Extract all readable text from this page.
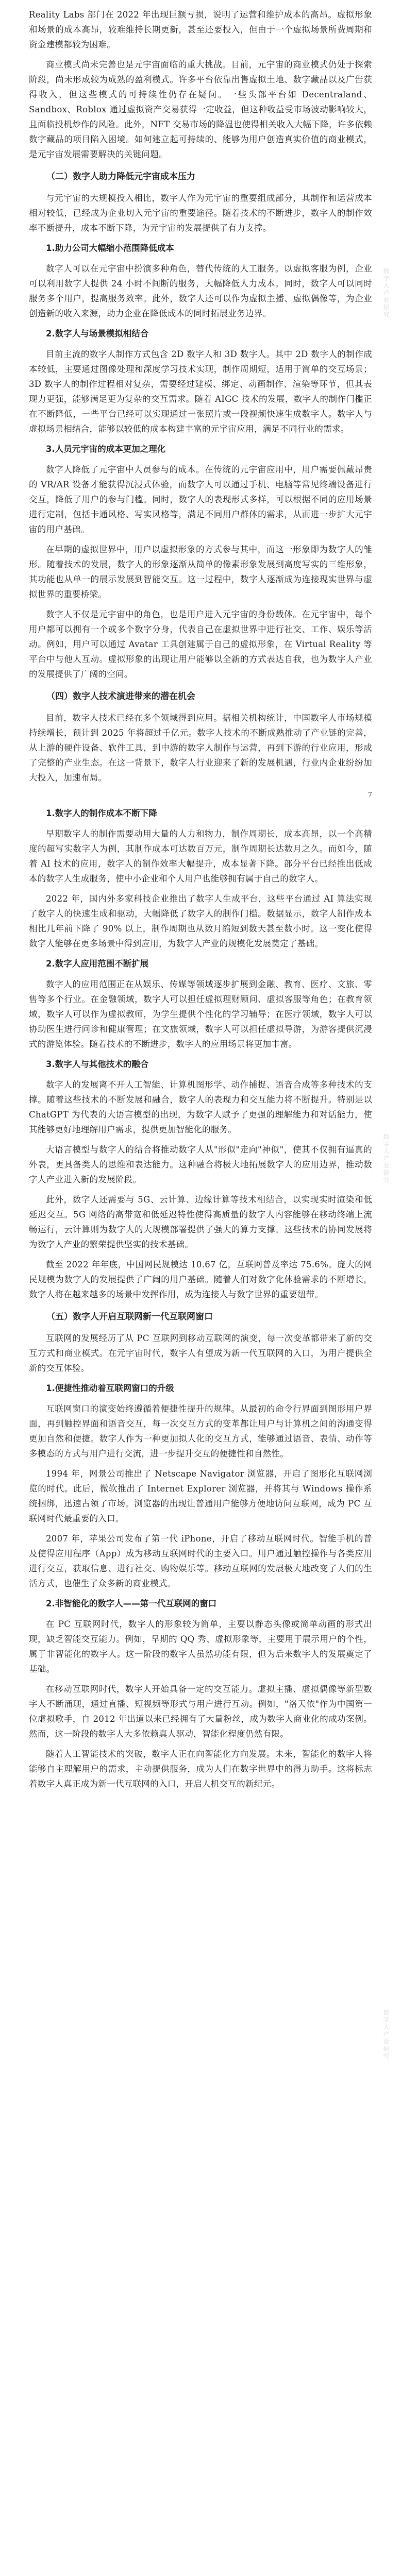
Reality Labs 部门在 2022 年出现巨额亏损，说明了运营和维护成本的高昂。虚拟形象和场景的成本高昂，较难维持长期更新，甚至还要投入，但由于一个虚拟场景所费周期和资金建模都较为困难。

商业模式尚未完善也是元宇宙面临的重大挑战。目前，元宇宙的商业模式仍处于探索阶段，尚未形成较为成熟的盈利模式。许多平台依靠出售虚拟土地、数字藏品以及广告获得收入，但这些模式的可持续性仍存在疑问。一些头部平台如 Decentraland、Sandbox、Roblox 通过虚拟资产交易获得一定收益，但这种收益受市场波动影响较大，且面临投机炒作的风险。此外，NFT 交易市场的降温也使得相关收入大幅下降，许多依赖数字藏品的项目陷入困境。如何建立起可持续的、能够为用户创造真实价值的商业模式，是元宇宙发展需要解决的关键问题。

（二）数字人助力降低元宇宙成本压力

与元宇宙的大规模投入相比，数字人作为元宇宙的重要组成部分，其制作和运营成本相对较低，已经成为企业切入元宇宙的重要途径。随着技术的不断进步，数字人的制作效率不断提升，成本不断下降，为元宇宙的发展提供了有力支撑。

1.助力公司大幅缩小范围降低成本

数字人可以在元宇宙中扮演多种角色，替代传统的人工服务。以虚拟客服为例，企业可以利用数字人提供 24 小时不间断的服务，大幅降低人力成本。同时，数字人可以同时服务多个用户，提高服务效率。此外，数字人还可以作为虚拟主播、虚拟偶像等，为企业创造新的收入来源，助力企业在降低成本的同时拓展业务边界。

2.数字人与场景模拟相结合

目前主流的数字人制作方式包含 2D 数字人和 3D 数字人。其中 2D 数字人的制作成本较低，主要通过图像处理和深度学习技术实现，制作周期短，适用于简单的交互场景；3D 数字人的制作过程相对复杂，需要经过建模、绑定、动画制作、渲染等环节，但其表现力更强，能够满足更为复杂的交互需求。随着 AIGC 技术的发展，数字人的制作门槛正在不断降低，一些平台已经可以实现通过一张照片或一段视频快速生成数字人。数字人与虚拟场景相结合，能够以较低的成本构建丰富的元宇宙应用，满足不同行业的需求。

3.人员元宇宙的成本更加之理化

数字人降低了元宇宙中人员参与的成本。在传统的元宇宙应用中，用户需要佩戴昂贵的 VR/AR 设备才能获得沉浸式体验，而数字人可以通过手机、电脑等常见终端设备进行交互，降低了用户的参与门槛。同时，数字人的表现形式多样，可以根据不同的应用场景进行定制，包括卡通风格、写实风格等，满足不同用户群体的需求，从而进一步扩大元宇宙的用户基础。

在早期的虚拟世界中，用户以虚拟形象的方式参与其中，而这一形象即为数字人的雏形。随着技术的发展，数字人的形象逐渐从简单的像素形象发展到高度写实的三维形象，其功能也从单一的展示发展到智能交互。这一过程中，数字人逐渐成为连接现实世界与虚拟世界的重要桥梁。

数字人不仅是元宇宙中的角色，也是用户进入元宇宙的身份载体。在元宇宙中，每个用户都可以拥有一个或多个数字分身，代表自己在虚拟世界中进行社交、工作、娱乐等活动。例如，用户可以通过 Avatar 工具创建属于自己的虚拟形象，在 Virtual Reality 等平台中与他人互动。虚拟形象的出现让用户能够以全新的方式表达自我，也为数字人产业的发展提供了广阔的空间。

（四）数字人技术演进带来的潜在机会

目前，数字人技术已经在多个领域得到应用。据相关机构统计，中国数字人市场规模持续增长，预计到 2025 年将超过千亿元。数字人技术的不断成熟推动了产业链的完善，从上游的硬件设备、软件工具，到中游的数字人制作与运营，再到下游的行业应用，形成了完整的产业生态。在这一背景下，数字人行业迎来了新的发展机遇，行业内企业纷纷加大投入，加速布局。

7

1.数字人的制作成本不断下降

早期数字人的制作需要动用大量的人力和物力，制作周期长，成本高昂，以一个高精度的超写实数字人为例，其制作成本可达数百万元，制作周期长达数月之久。而如今，随着 AI 技术的应用，数字人的制作效率大幅提升，成本显著下降。部分平台已经推出低成本的数字人生成服务，使中小企业和个人用户也能够拥有属于自己的数字人。

2022 年，国内外多家科技企业推出了数字人生成平台，这些平台通过 AI 算法实现了数字人的快速生成和驱动，大幅降低了数字人的制作门槛。数据显示，数字人制作成本相比几年前下降了 90% 以上，制作周期也从数月缩短到数天甚至数小时。这一变化使得数字人能够在更多场景中得到应用，为数字人产业的规模化发展奠定了基础。

2.数字人应用范围不断扩展

数字人的应用范围正在从娱乐、传媒等领域逐步扩展到金融、教育、医疗、文旅、零售等多个行业。在金融领域，数字人可以担任虚拟理财顾问、虚拟客服等角色；在教育领域，数字人可以作为虚拟教师，为学生提供个性化的学习辅导；在医疗领域，数字人可以协助医生进行问诊和健康管理；在文旅领域，数字人可以担任虚拟导游，为游客提供沉浸式的游览体验。随着技术的不断进步，数字人的应用场景将更加丰富。

3.数字人与其他技术的融合

数字人的发展离不开人工智能、计算机图形学、动作捕捉、语音合成等多种技术的支撑。随着这些技术的不断发展和融合，数字人的表现力和交互能力将不断提升。特别是以 ChatGPT 为代表的大语言模型的出现，为数字人赋予了更强的理解能力和对话能力，使其能够更好地理解用户需求，提供更加智能化的服务。

大语言模型与数字人的结合将推动数字人从"形似"走向"神似"，使其不仅拥有逼真的外表，更具备类人的思维和表达能力。这种融合将极大地拓展数字人的应用边界，推动数字人产业进入新的发展阶段。

此外，数字人还需要与 5G、云计算、边缘计算等技术相结合，以实现实时渲染和低延迟交互。5G 网络的高带宽和低延迟特性使得高质量的数字人内容能够在移动终端上流畅运行，云计算则为数字人的大规模部署提供了强大的算力支撑。这些技术的协同发展将为数字人产业的繁荣提供坚实的技术基础。

截至 2022 年年底，中国网民规模达 10.67 亿，互联网普及率达 75.6%。庞大的网民规模为数字人的发展提供了广阔的用户基础。随着人们对数字化体验需求的不断增长，数字人将在越来越多的场景中发挥作用，成为连接人与数字世界的重要纽带。

（五）数字人开启互联网新一代互联网窗口

互联网的发展经历了从 PC 互联网到移动互联网的演变，每一次变革都带来了新的交互方式和商业模式。在元宇宙时代，数字人有望成为新一代互联网的入口，为用户提供全新的交互体验。

1.便捷性推动着互联网窗口的升级

互联网窗口的演变始终遵循着便捷性提升的规律。从最初的命令行界面到图形用户界面，再到触控界面和语音交互，每一次交互方式的变革都让用户与计算机之间的沟通变得更加自然和便捷。数字人作为一种更加拟人化的交互方式，能够通过语音、表情、动作等多模态的方式与用户进行交流，进一步提升交互的便捷性和自然性。

1994 年，网景公司推出了 Netscape Navigator 浏览器，开启了图形化互联网浏览的时代。此后，微软推出了 Internet Explorer 浏览器，并将其与 Windows 操作系统捆绑，迅速占领了市场。浏览器的出现让普通用户能够方便地访问互联网，成为 PC 互联网时代最重要的入口。

2007 年，苹果公司发布了第一代 iPhone，开启了移动互联网时代。智能手机的普及使得应用程序（App）成为移动互联网时代的主要入口。用户通过触控操作与各类应用进行交互，获取信息、进行社交、购物娱乐等。移动互联网的发展极大地改变了人们的生活方式，也催生了众多新的商业模式。

2.非智能化的数字人——第一代互联网的窗口

在 PC 互联网时代，数字人的形象较为简单，主要以静态头像或简单动画的形式出现，缺乏智能交互能力。例如，早期的 QQ 秀、虚拟形象等，主要用于展示用户的个性，属于非智能化的数字人。这一阶段的数字人虽然功能有限，但为后来数字人的发展奠定了基础。

在移动互联网时代，数字人开始具备一定的交互能力。虚拟主播、虚拟偶像等新型数字人不断涌现，通过直播、短视频等形式与用户进行互动。例如，"洛天依"作为中国第一位虚拟歌手，自 2012 年出道以来已经拥有了大量粉丝，成为数字人商业化的成功案例。然而，这一阶段的数字人大多依赖真人驱动，智能化程度仍然有限。

随着人工智能技术的突破，数字人正在向智能化方向发展。未来，智能化的数字人将能够自主理解用户的需求，主动提供服务，成为人们在数字世界中的得力助手。这将标志着数字人真正成为新一代互联网的入口，开启人机交互的新纪元。

数字人产业研究
数字人产业研究
数字人产业研究
